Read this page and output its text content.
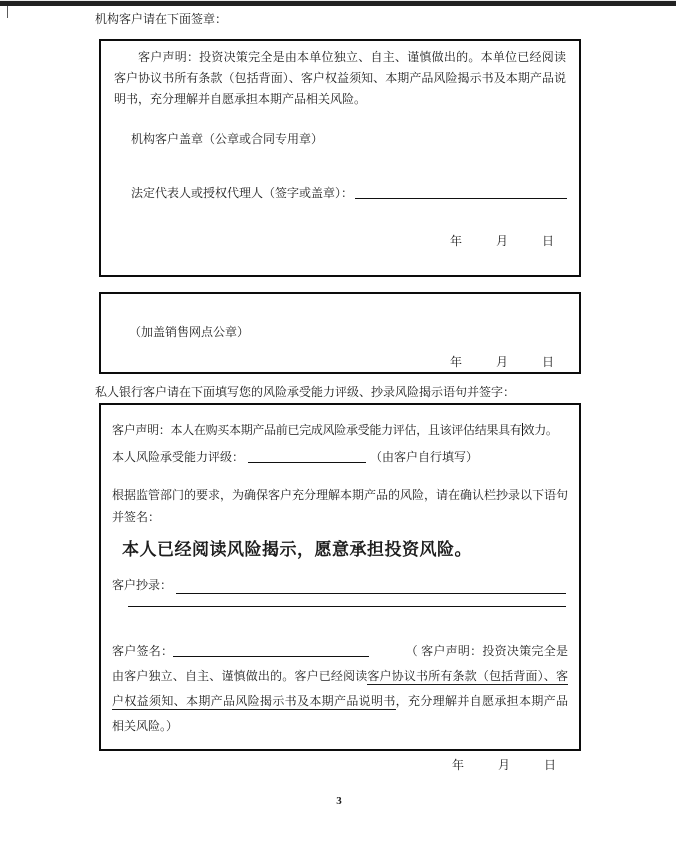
机构客户请在下面签章：

客户声明：投资决策完全是由本单位独立、自主、谨慎做出的。本单位已经阅读客户协议书所有条款（包括背面）、客户权益须知、本期产品风险揭示书及本期产品说明书，充分理解并自愿承担本期产品相关风险。

机构客户盖章（公章或合同专用章）

法定代表人或授权代理人（签字或盖章）：

年	月	日

（加盖销售网点公章）

年	月	日

私人银行客户请在下面填写您的风险承受能力评级、抄录风险揭示语句并签字：

客户声明：本人在购买本期产品前已完成风险承受能力评估，且该评估结果具有效力。

本人风险承受能力评级：	（由客户自行填写）

根据监管部门的要求，为确保客户充分理解本期产品的风险，请在确认栏抄录以下语句并签名：

本人已经阅读风险揭示，愿意承担投资风险。

客户抄录：

客户签名：	（ 客户声明：投资决策完全是由客户独立、自主、谨慎做出的。客户已经阅读客户协议书所有条款（包括背面）、客户权益须知、本期产品风险揭示书及本期产品说明书，充分理解并自愿承担本期产品相关风险。）

年	月	日
3
